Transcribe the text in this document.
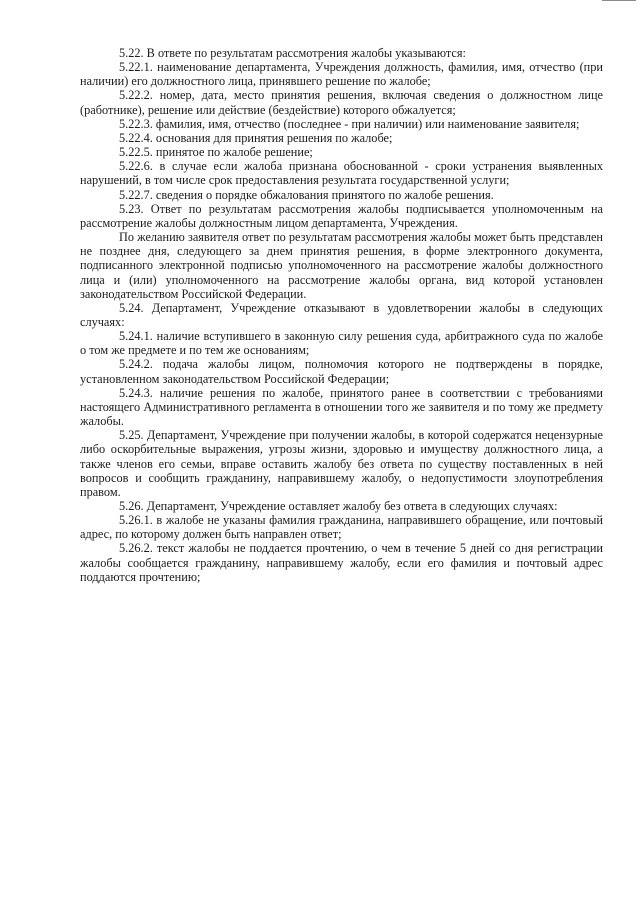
5.22. В ответе по результатам рассмотрения жалобы указываются:

5.22.1. наименование департамента, Учреждения должность, фамилия, имя, отчество (при наличии) его должностного лица, принявшего решение по жалобе;

5.22.2. номер, дата, место принятия решения, включая сведения о должностном лице (работнике), решение или действие (бездействие) которого обжалуется;

5.22.3. фамилия, имя, отчество (последнее - при наличии) или наименование заявителя;

5.22.4. основания для принятия решения по жалобе;

5.22.5. принятое по жалобе решение;

5.22.6. в случае если жалоба признана обоснованной - сроки устранения выявленных нарушений, в том числе срок предоставления результата государственной услуги;

5.22.7. сведения о порядке обжалования принятого по жалобе решения.

5.23. Ответ по результатам рассмотрения жалобы подписывается уполномоченным на рассмотрение жалобы должностным лицом департамента, Учреждения.

По желанию заявителя ответ по результатам рассмотрения жалобы может быть представлен не позднее дня, следующего за днем принятия решения, в форме электронного документа, подписанного электронной подписью уполномоченного на рассмотрение жалобы должностного лица и (или) уполномоченного на рассмотрение жалобы органа, вид которой установлен законодательством Российской Федерации.

5.24. Департамент, Учреждение отказывают в удовлетворении жалобы в следующих случаях:

5.24.1. наличие вступившего в законную силу решения суда, арбитражного суда по жалобе о том же предмете и по тем же основаниям;

5.24.2. подача жалобы лицом, полномочия которого не подтверждены в порядке, установленном законодательством Российской Федерации;

5.24.3. наличие решения по жалобе, принятого ранее в соответствии с требованиями настоящего Административного регламента в отношении того же заявителя и по тому же предмету жалобы.

5.25. Департамент, Учреждение при получении жалобы, в которой содержатся нецензурные либо оскорбительные выражения, угрозы жизни, здоровью и имуществу должностного лица, а также членов его семьи, вправе оставить жалобу без ответа по существу поставленных в ней вопросов и сообщить гражданину, направившему жалобу, о недопустимости злоупотребления правом.

5.26. Департамент, Учреждение оставляет жалобу без ответа в следующих случаях:

5.26.1. в жалобе не указаны фамилия гражданина, направившего обращение, или почтовый адрес, по которому должен быть направлен ответ;

5.26.2. текст жалобы не поддается прочтению, о чем в течение 5 дней со дня регистрации жалобы сообщается гражданину, направившему жалобу, если его фамилия и почтовый адрес поддаются прочтению;
